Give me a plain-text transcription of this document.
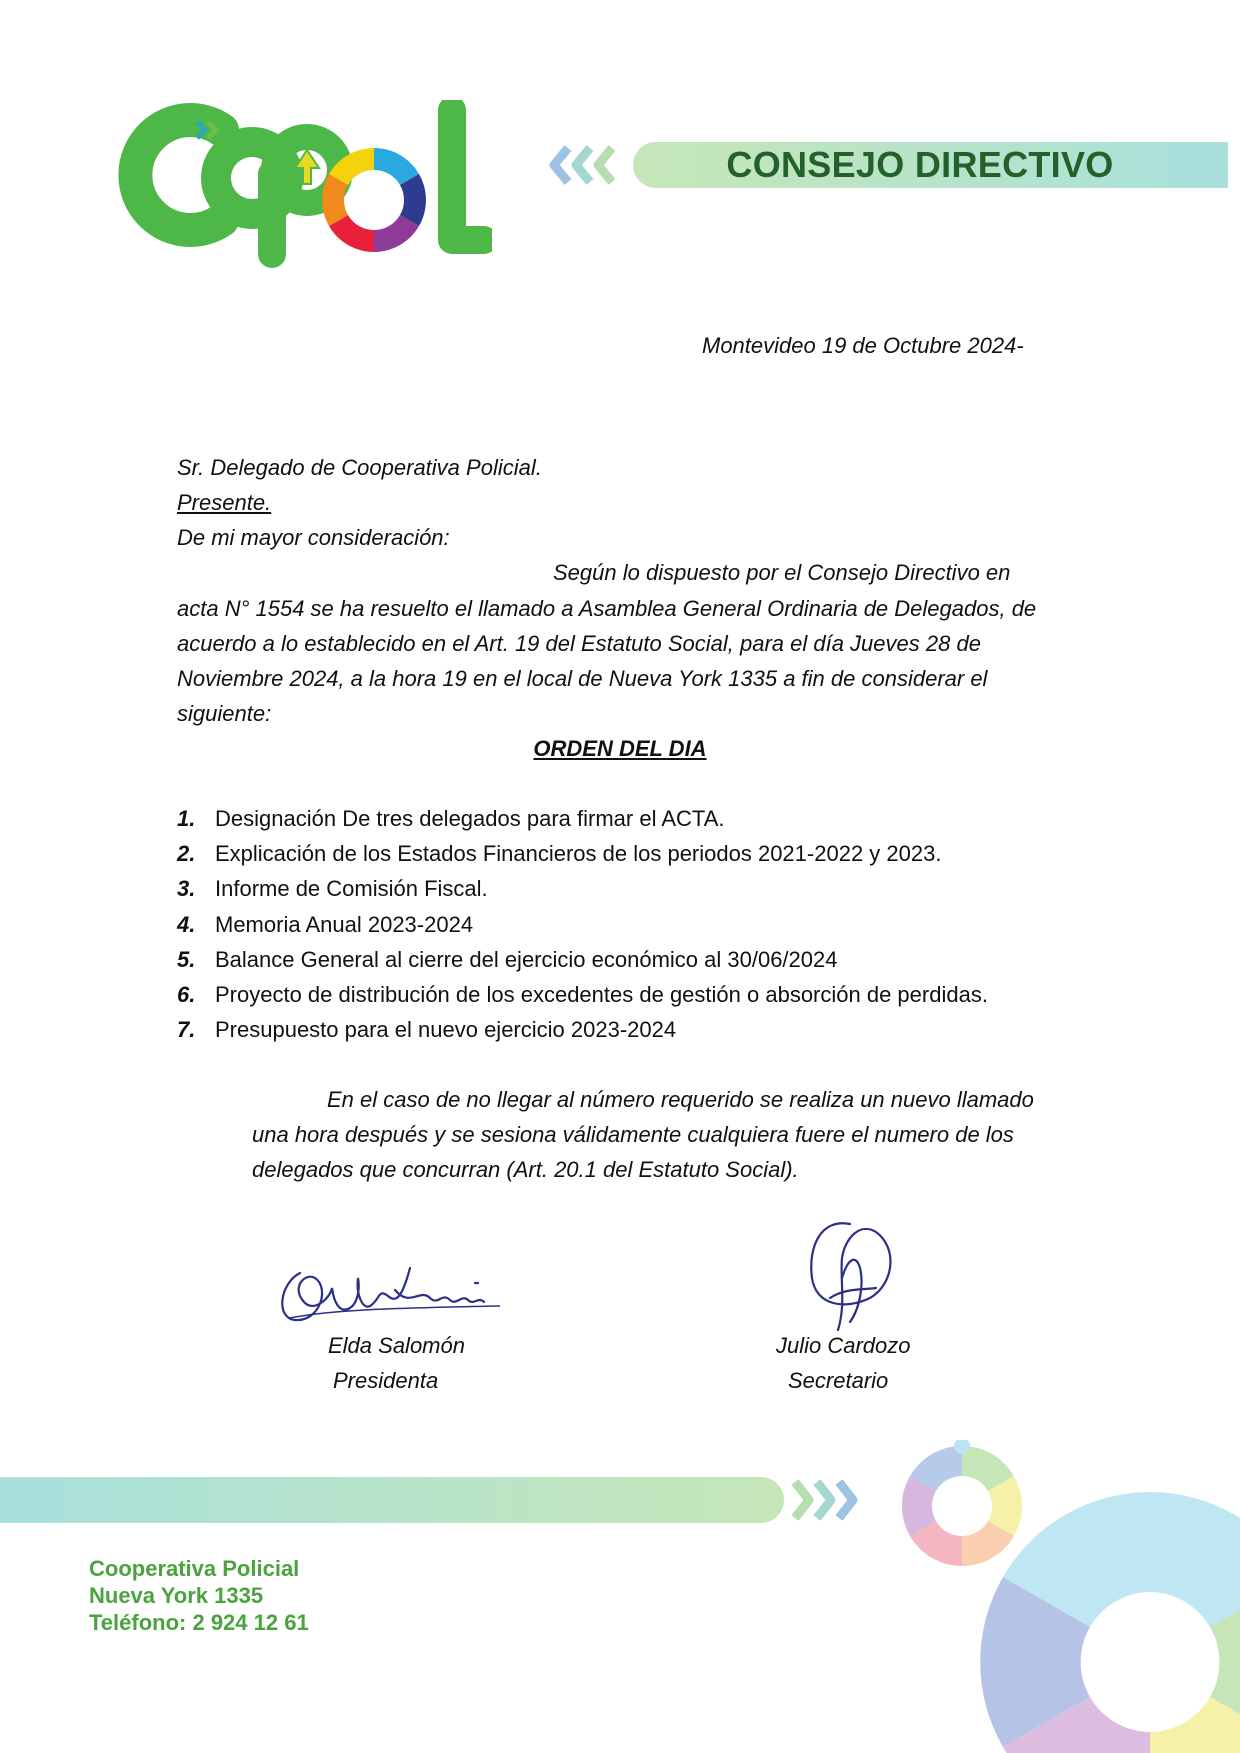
CONSEJO DIRECTIVO
Montevideo 19 de Octubre 2024-
Sr. Delegado de Cooperativa Policial.
Presente.
De mi mayor consideración:
Según lo dispuesto por el Consejo Directivo en
acta N° 1554 se ha resuelto el llamado a Asamblea General Ordinaria de Delegados, de
acuerdo a lo establecido en el Art. 19 del Estatuto Social, para el día Jueves 28 de
Noviembre 2024, a la hora 19 en el local de Nueva York 1335 a fin de considerar el
siguiente:
ORDEN DEL DIA
1. Designación De tres delegados para firmar el ACTA.
2. Explicación de los Estados Financieros de los periodos 2021-2022 y 2023.
3. Informe de Comisión Fiscal.
4. Memoria Anual 2023-2024
5. Balance General al cierre del ejercicio económico al 30/06/2024
6. Proyecto de distribución de los excedentes de gestión o absorción de perdidas.
7. Presupuesto para el nuevo ejercicio 2023-2024
En el caso de no llegar al número requerido se realiza un nuevo llamado
una hora después y se sesiona válidamente cualquiera fuere el numero de los
delegados que concurran (Art. 20.1 del Estatuto Social).
Elda Salomón
Presidenta
Julio Cardozo
Secretario
Cooperativa Policial
Nueva York 1335
Teléfono: 2 924 12 61
